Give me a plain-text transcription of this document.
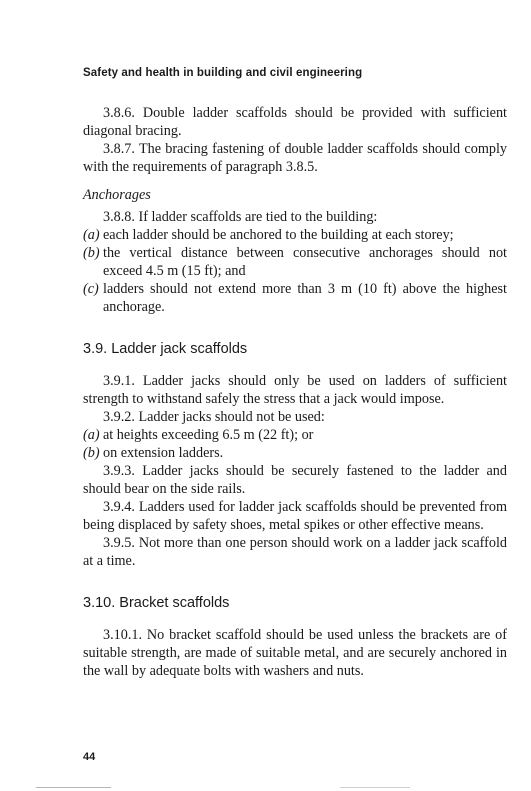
Safety and health in building and civil engineering

3.8.6. Double ladder scaffolds should be provided with sufficient diagonal bracing.

3.8.7. The bracing fastening of double ladder scaffolds should comply with the requirements of paragraph 3.8.5.

Anchorages

3.8.8. If ladder scaffolds are tied to the building:

(a) each ladder should be anchored to the building at each storey;

(b) the vertical distance between consecutive anchorages should not exceed 4.5 m (15 ft); and

(c) ladders should not extend more than 3 m (10 ft) above the highest anchorage.

3.9. Ladder jack scaffolds

3.9.1. Ladder jacks should only be used on ladders of sufficient strength to withstand safely the stress that a jack would impose.

3.9.2. Ladder jacks should not be used:

(a) at heights exceeding 6.5 m (22 ft); or

(b) on extension ladders.

3.9.3. Ladder jacks should be securely fastened to the ladder and should bear on the side rails.

3.9.4. Ladders used for ladder jack scaffolds should be prevented from being displaced by safety shoes, metal spikes or other effective means.

3.9.5. Not more than one person should work on a ladder jack scaffold at a time.

3.10. Bracket scaffolds

3.10.1. No bracket scaffold should be used unless the brackets are of suitable strength, are made of suitable metal, and are securely anchored in the wall by adequate bolts with washers and nuts.

44
